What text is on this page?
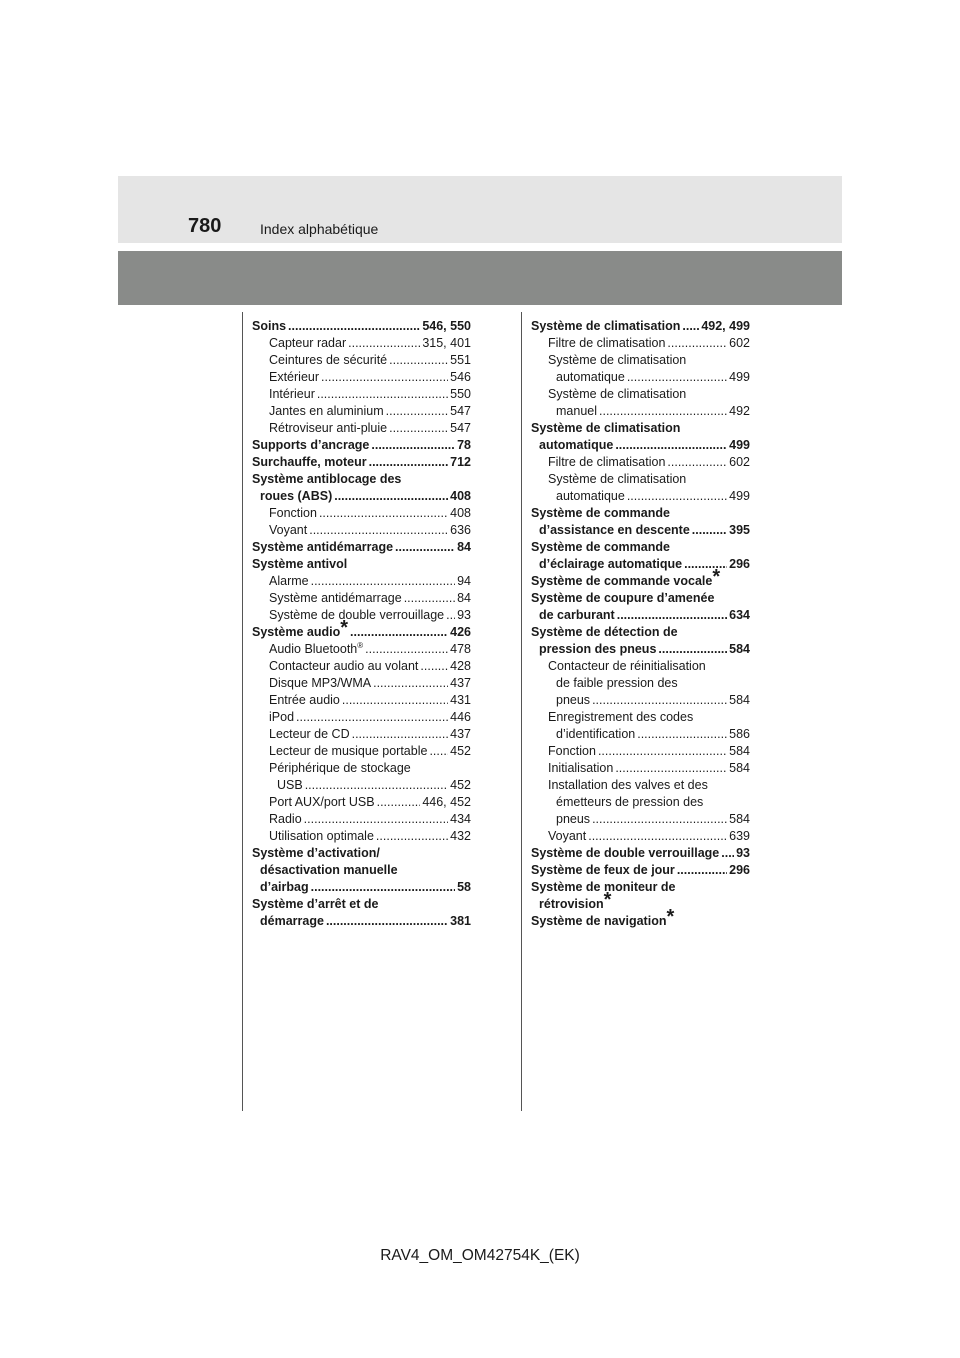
780	Index alphabétique
Soins .....	546, 550
Capteur radar .....	315, 401
Ceintures de sécurité .....	551
Extérieur .....	546
Intérieur .....	550
Jantes en aluminium .....	547
Rétroviseur anti-pluie .....	547
Supports d’ancrage .....	78
Surchauffe, moteur .....	712
Système antiblocage des
roues (ABS) .....	408
Fonction .....	408
Voyant .....	636
Système antidémarrage .....	84
Système antivol
Alarme .....	94
Système antidémarrage .....	84
Système de double verrouillage ..... 93
Système audio * .....	426
Audio Bluetooth® .....	478
Contacteur audio au volant .....	428
Disque MP3/WMA .....	437
Entrée audio .....	431
iPod .....	446
Lecteur de CD .....	437
Lecteur de musique portable ..... 452
Périphérique de stockage
USB .....	452
Port AUX/port USB .....	446, 452
Radio .....	434
Utilisation optimale .....	432
Système d’activation/
désactivation manuelle
d’airbag .....	58
Système d’arrêt et de
démarrage .....	381
Système de climatisation ..... 492, 499
Filtre de climatisation .....	602
Système de climatisation
automatique .....	499
Système de climatisation
manuel .....	492
Système de climatisation
automatique .....	499
Filtre de climatisation .....	602
Système de climatisation
automatique .....	499
Système de commande
d’assistance en descente .....	395
Système de commande
d’éclairage automatique .....	296
Système de commande vocale*
Système de coupure d’amenée
de carburant .....	634
Système de détection de
pression des pneus .....	584
Contacteur de réinitialisation
de faible pression des
pneus .....	584
Enregistrement des codes
d’identification .....	586
Fonction .....	584
Initialisation .....	584
Installation des valves et des
émetteurs de pression des
pneus .....	584
Voyant .....	639
Système de double verrouillage ..... 93
Système de feux de jour .....	296
Système de moniteur de
rétrovision*
Système de navigation*
RAV4_OM_OM42754K_(EK)
